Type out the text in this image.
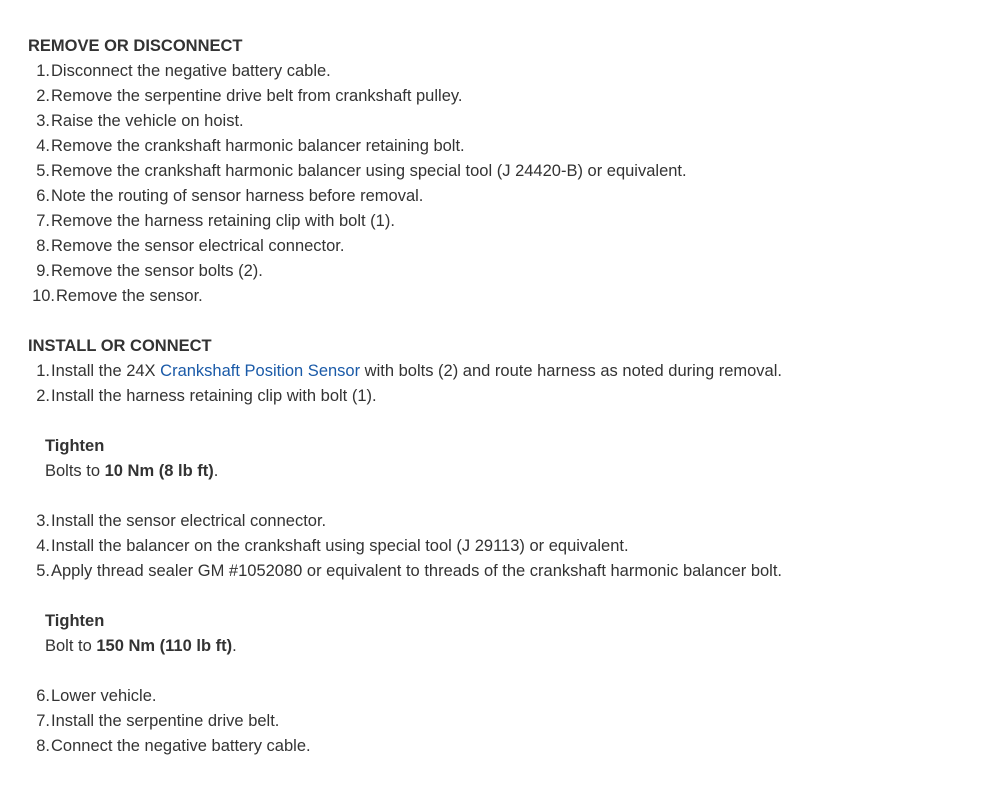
REMOVE OR DISCONNECT
1.Disconnect the negative battery cable.
2.Remove the serpentine drive belt from crankshaft pulley.
3.Raise the vehicle on hoist.
4.Remove the crankshaft harmonic balancer retaining bolt.
5.Remove the crankshaft harmonic balancer using special tool (J 24420-B) or equivalent.
6.Note the routing of sensor harness before removal.
7.Remove the harness retaining clip with bolt (1).
8.Remove the sensor electrical connector.
9.Remove the sensor bolts (2).
10.Remove the sensor.
INSTALL OR CONNECT
1.Install the 24X Crankshaft Position Sensor with bolts (2) and route harness as noted during removal.
2.Install the harness retaining clip with bolt (1).
Tighten
Bolts to 10 Nm (8 lb ft).
3.Install the sensor electrical connector.
4.Install the balancer on the crankshaft using special tool (J 29113) or equivalent.
5.Apply thread sealer GM #1052080 or equivalent to threads of the crankshaft harmonic balancer bolt.
Tighten
Bolt to 150 Nm (110 lb ft).
6.Lower vehicle.
7.Install the serpentine drive belt.
8.Connect the negative battery cable.
